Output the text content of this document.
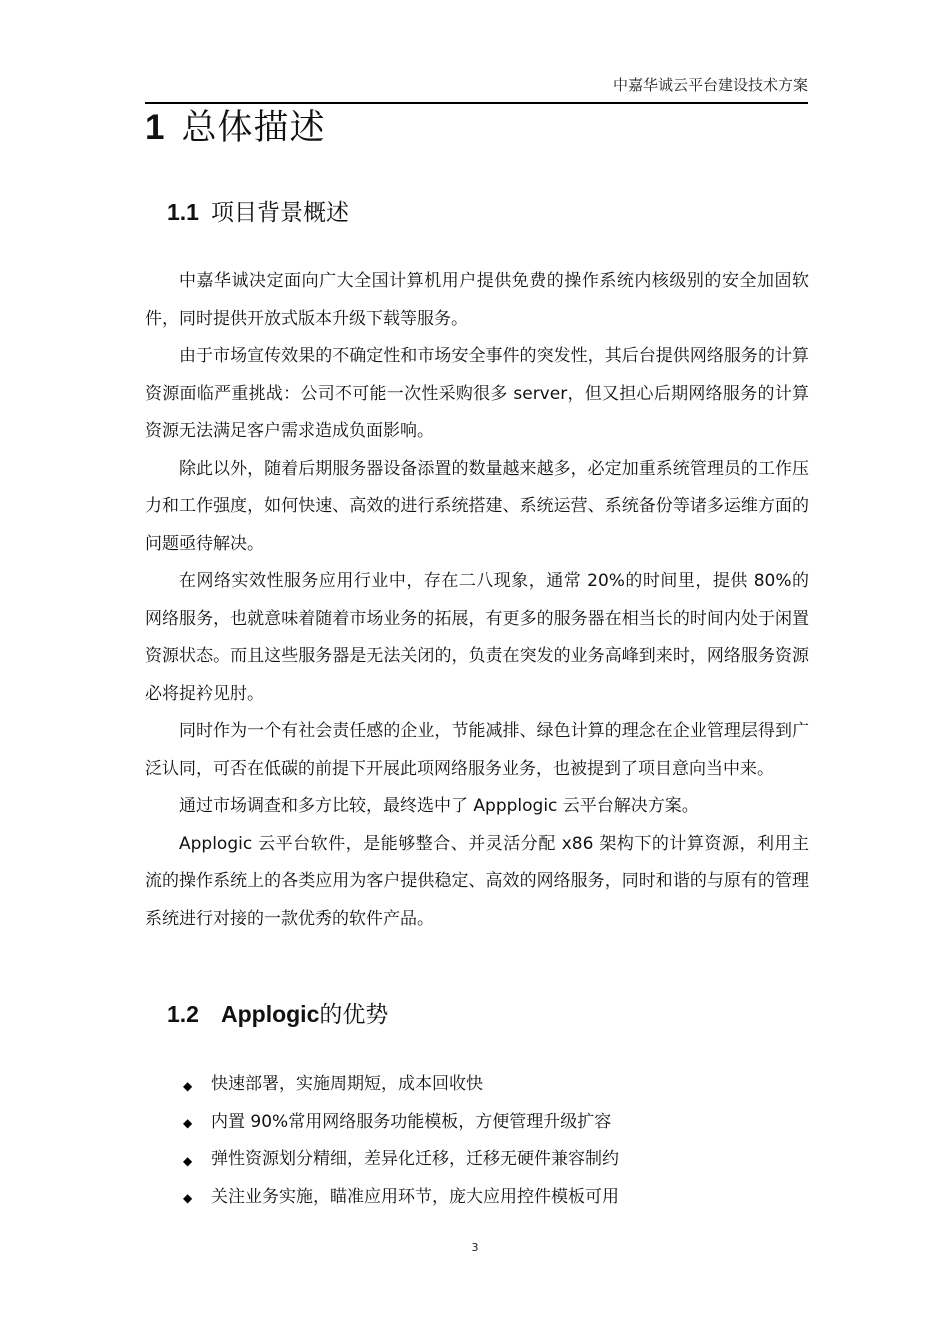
中嘉华诚云平台建设技术方案
1 总体描述
1.1 项目背景概述

中嘉华诚决定面向广大全国计算机用户提供免费的操作系统内核级别的安全加固软件，同时提供开放式版本升级下载等服务。

由于市场宣传效果的不确定性和市场安全事件的突发性，其后台提供网络服务的计算资源面临严重挑战：公司不可能一次性采购很多 server，但又担心后期网络服务的计算资源无法满足客户需求造成负面影响。

除此以外，随着后期服务器设备添置的数量越来越多，必定加重系统管理员的工作压力和工作强度，如何快速、高效的进行系统搭建、系统运营、系统备份等诸多运维方面的问题亟待解决。

在网络实效性服务应用行业中，存在二八现象，通常 20%的时间里，提供 80%的网络服务，也就意味着随着市场业务的拓展，有更多的服务器在相当长的时间内处于闲置资源状态。而且这些服务器是无法关闭的，负责在突发的业务高峰到来时，网络服务资源必将捉衿见肘。

同时作为一个有社会责任感的企业，节能减排、绿色计算的理念在企业管理层得到广泛认同，可否在低碳的前提下开展此项网络服务业务，也被提到了项目意向当中来。

通过市场调查和多方比较，最终选中了 Appplogic 云平台解决方案。

Applogic 云平台软件，是能够整合、并灵活分配 x86 架构下的计算资源，利用主流的操作系统上的各类应用为客户提供稳定、高效的网络服务，同时和谐的与原有的管理系统进行对接的一款优秀的软件产品。

1.2 Applogic的优势
◆ 快速部署，实施周期短，成本回收快
◆ 内置 90%常用网络服务功能模板，方便管理升级扩容
◆ 弹性资源划分精细，差异化迁移，迁移无硬件兼容制约
◆ 关注业务实施，瞄准应用环节，庞大应用控件模板可用
3
